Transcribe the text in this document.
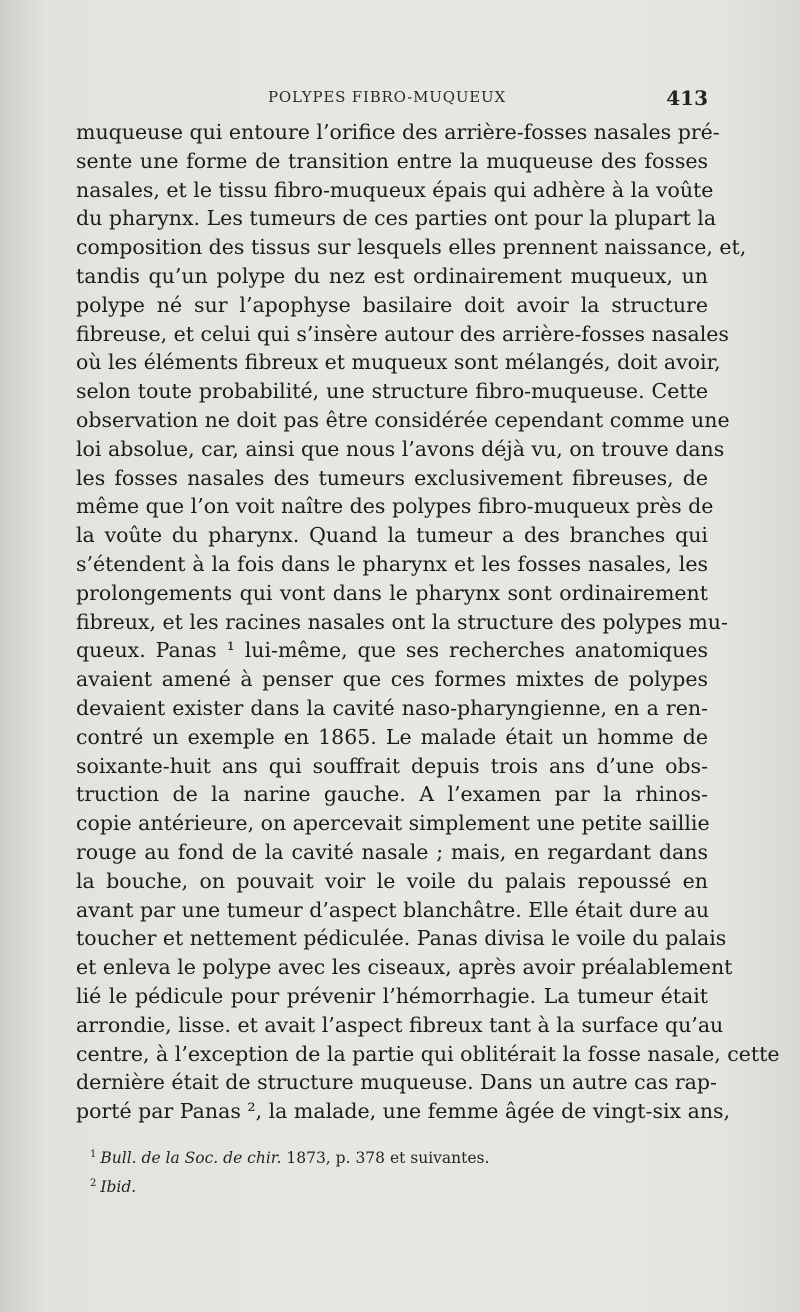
POLYPES FIBRO-MUQUEUX	413
muqueuse qui entoure l’orifice des arrière-fosses nasales pré-
sente une forme de transition entre la muqueuse des fosses
nasales, et le tissu fibro-muqueux épais qui adhère à la voûte
du pharynx. Les tumeurs de ces parties ont pour la plupart la
composition des tissus sur lesquels elles prennent naissance, et,
tandis qu’un polype du nez est ordinairement muqueux, un
polype né sur l’apophyse basilaire doit avoir la structure
fibreuse, et celui qui s’insère autour des arrière-fosses nasales
où les éléments fibreux et muqueux sont mélangés, doit avoir,
selon toute probabilité, une structure fibro-muqueuse. Cette
observation ne doit pas être considérée cependant comme une
loi absolue, car, ainsi que nous l’avons déjà vu, on trouve dans
les fosses nasales des tumeurs exclusivement fibreuses, de
même que l’on voit naître des polypes fibro-muqueux près de
la voûte du pharynx. Quand la tumeur a des branches qui
s’étendent à la fois dans le pharynx et les fosses nasales, les
prolongements qui vont dans le pharynx sont ordinairement
fibreux, et les racines nasales ont la structure des polypes mu-
queux. Panas ¹ lui-même, que ses recherches anatomiques
avaient amené à penser que ces formes mixtes de polypes
devaient exister dans la cavité naso-pharyngienne, en a ren-
contré un exemple en 1865. Le malade était un homme de
soixante-huit ans qui souffrait depuis trois ans d’une obs-
truction de la narine gauche. A l’examen par la rhinos-
copie antérieure, on apercevait simplement une petite saillie
rouge au fond de la cavité nasale ; mais, en regardant dans
la bouche, on pouvait voir le voile du palais repoussé en
avant par une tumeur d’aspect blanchâtre. Elle était dure au
toucher et nettement pédiculée. Panas divisa le voile du palais
et enleva le polype avec les ciseaux, après avoir préalablement
lié le pédicule pour prévenir l’hémorrhagie. La tumeur était
arrondie, lisse. et avait l’aspect fibreux tant à la surface qu’au
centre, à l’exception de la partie qui oblitérait la fosse nasale, cette
dernière était de structure muqueuse. Dans un autre cas rap-
porté par Panas ², la malade, une femme âgée de vingt-six ans,
$^1$ Bull. de la Soc. de chir. 1873, p. 378 et suivantes.
$^2$ Ibid.
